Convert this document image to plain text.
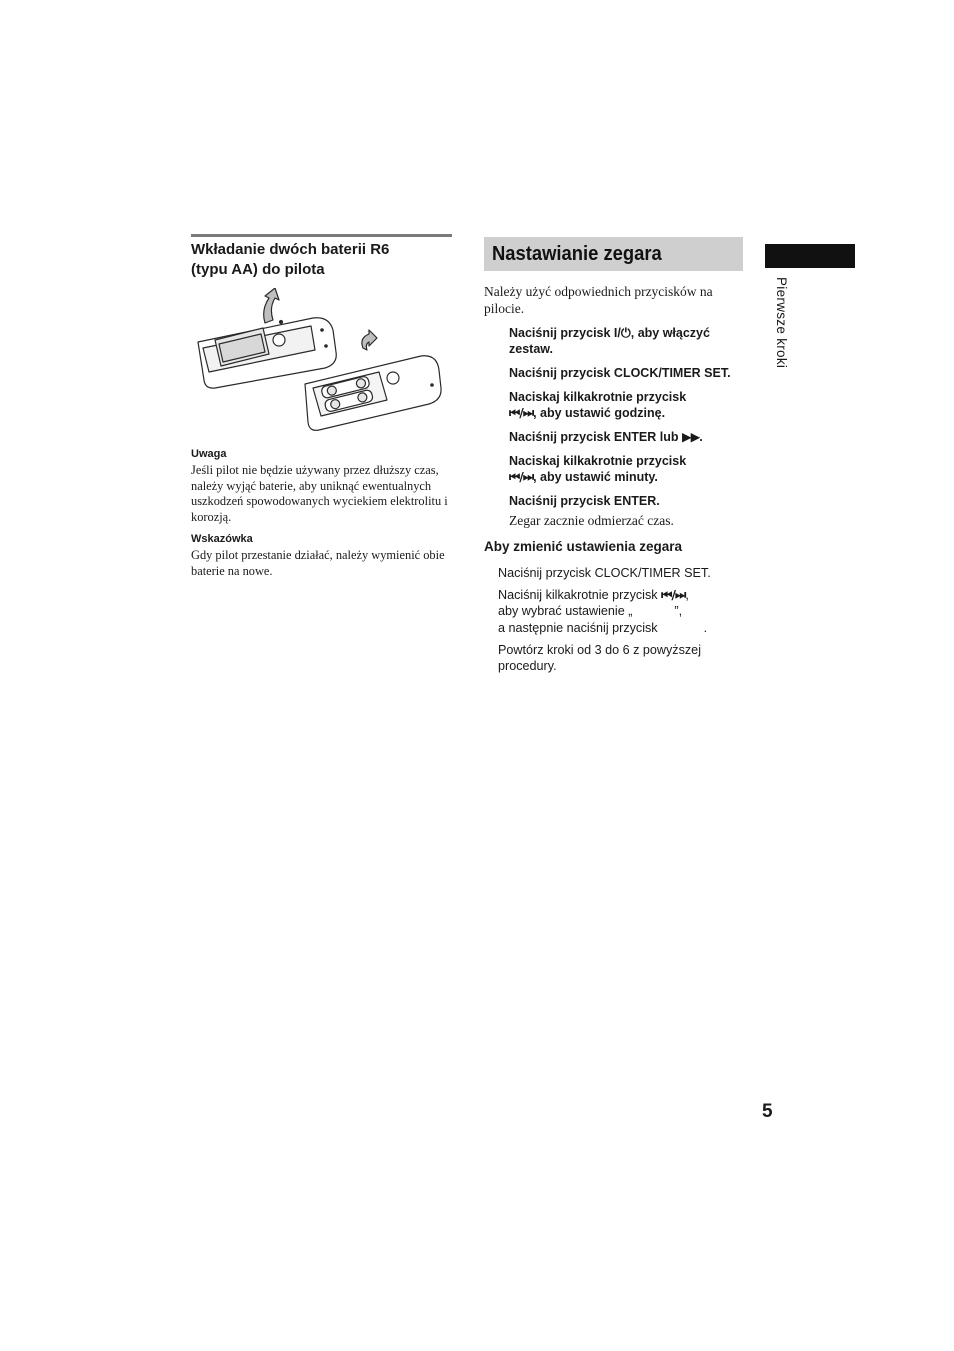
Wkładanie dwóch baterii R6
(typu AA) do pilota

Uwaga

Jeśli pilot nie będzie używany przez dłuższy czas, należy wyjąć baterie, aby uniknąć ewentualnych uszkodzeń spowodowanych wyciekiem elektrolitu i korozją.

Wskazówka

Gdy pilot przestanie działać, należy wymienić obie baterie na nowe.

Nastawianie zegara

Należy użyć odpowiednich przycisków na pilocie.

Naciśnij przycisk I/⏻, aby włączyć
zestaw.

Naciśnij przycisk CLOCK/TIMER SET.

Naciskaj kilkakrotnie przycisk
⏮/⏭, aby ustawić godzinę.

Naciśnij przycisk ENTER lub ▶▶.

Naciskaj kilkakrotnie przycisk
⏮/⏭, aby ustawić minuty.

Naciśnij przycisk ENTER.

Zegar zacznie odmierzać czas.

Aby zmienić ustawienia zegara

Naciśnij przycisk CLOCK/TIMER SET.

Naciśnij kilkakrotnie przycisk ⏮/⏭,
aby wybrać ustawienie „	”,
a następnie naciśnij przycisk	.

Powtórz kroki od 3 do 6 z powyższej
procedury.

Pierwsze kroki
5
